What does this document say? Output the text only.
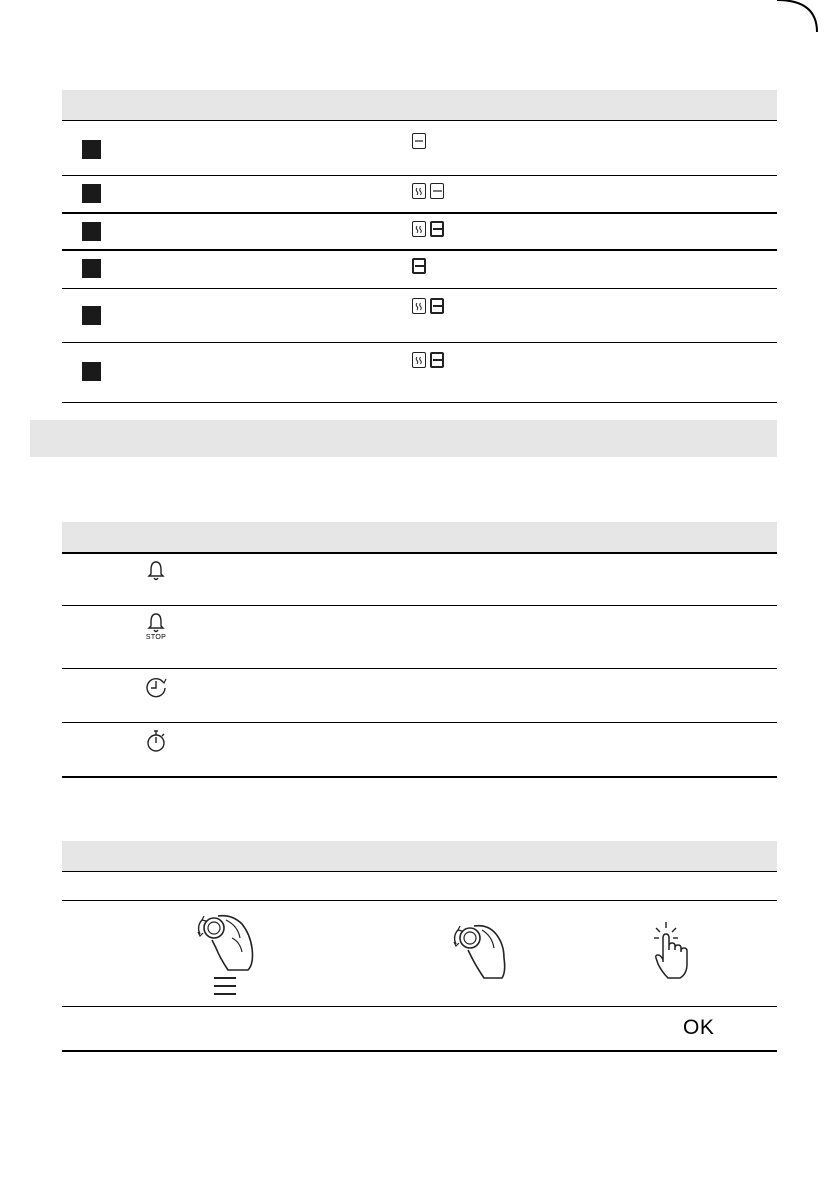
STOP
OK
